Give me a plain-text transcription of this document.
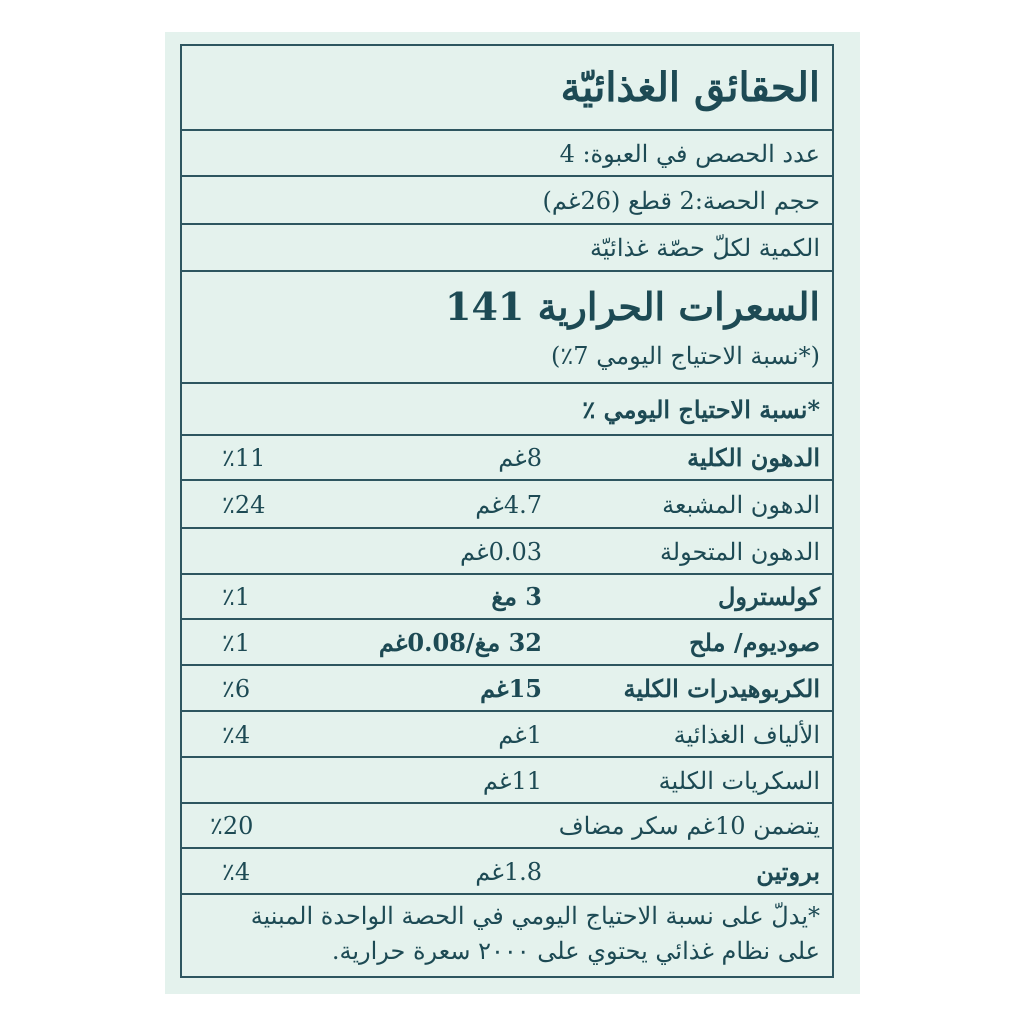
الحقائق الغذائيّة
عدد الحصص في العبوة: 4
حجم الحصة:2 قطع (26غم)
الكمية لكلّ حصّة غذائيّة
السعرات الحرارية 141
(*نسبة الاحتياج اليومي 7٪)
*نسبة الاحتياج اليومي ٪
الدهون الكلية
8غم
٪11
الدهون المشبعة
4.7غم
٪24
الدهون المتحولة
0.03غم
كولسترول
3 مغ
٪1
صوديوم/ ملح
32 مغ/0.08غم
٪1
الكربوهيدرات الكلية
15غم
٪6
الألياف الغذائية
1غم
٪4
السكريات الكلية
11غم
يتضمن 10غم سكر مضاف
٪20
بروتين
1.8غم
٪4
*يدلّ على نسبة الاحتياج اليومي في الحصة الواحدة المبنية
على نظام غذائي يحتوي على ٢٠٠٠ سعرة حرارية.
